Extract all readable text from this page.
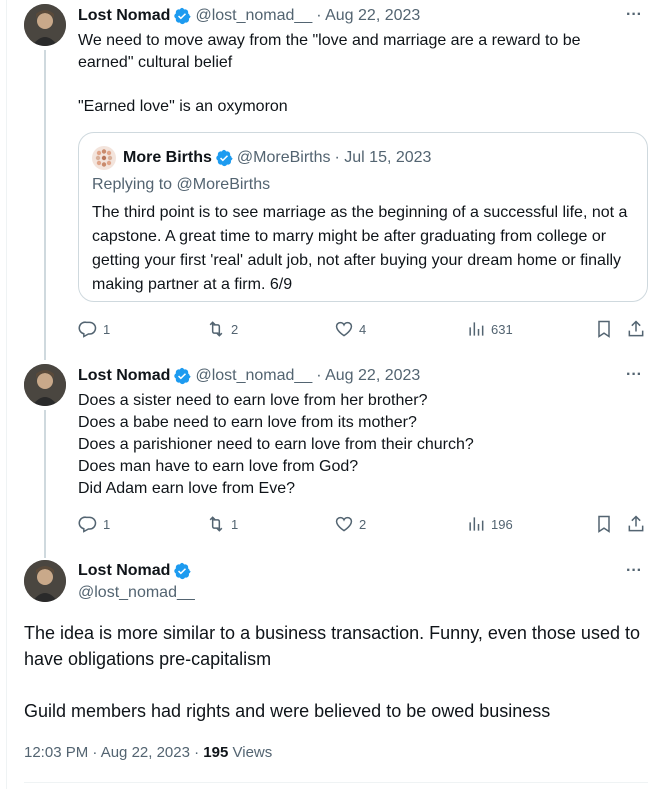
Lost Nomad @lost_nomad__ · Aug 22, 2023	···
We need to move away from the "love and marriage are a reward to be earned" cultural belief

"Earned love" is an oxymoron
More Births @MoreBirths · Jul 15, 2023
Replying to @MoreBirths
The third point is to see marriage as the beginning of a successful life, not a capstone. A great time to marry might be after graduating from college or getting your first 'real' adult job, not after buying your dream home or finally making partner at a firm. 6/9
1	2	4	631
Lost Nomad @lost_nomad__ · Aug 22, 2023	···
Does a sister need to earn love from her brother?
Does a babe need to earn love from its mother?
Does a parishioner need to earn love from their church?
Does man have to earn love from God?
Did Adam earn love from Eve?
1	1	2	196
Lost Nomad
@lost_nomad__
···
The idea is more similar to a business transaction. Funny, even those used to have obligations pre-capitalism

Guild members had rights and were believed to be owed business
12:03 PM · Aug 22, 2023 · 195 Views
